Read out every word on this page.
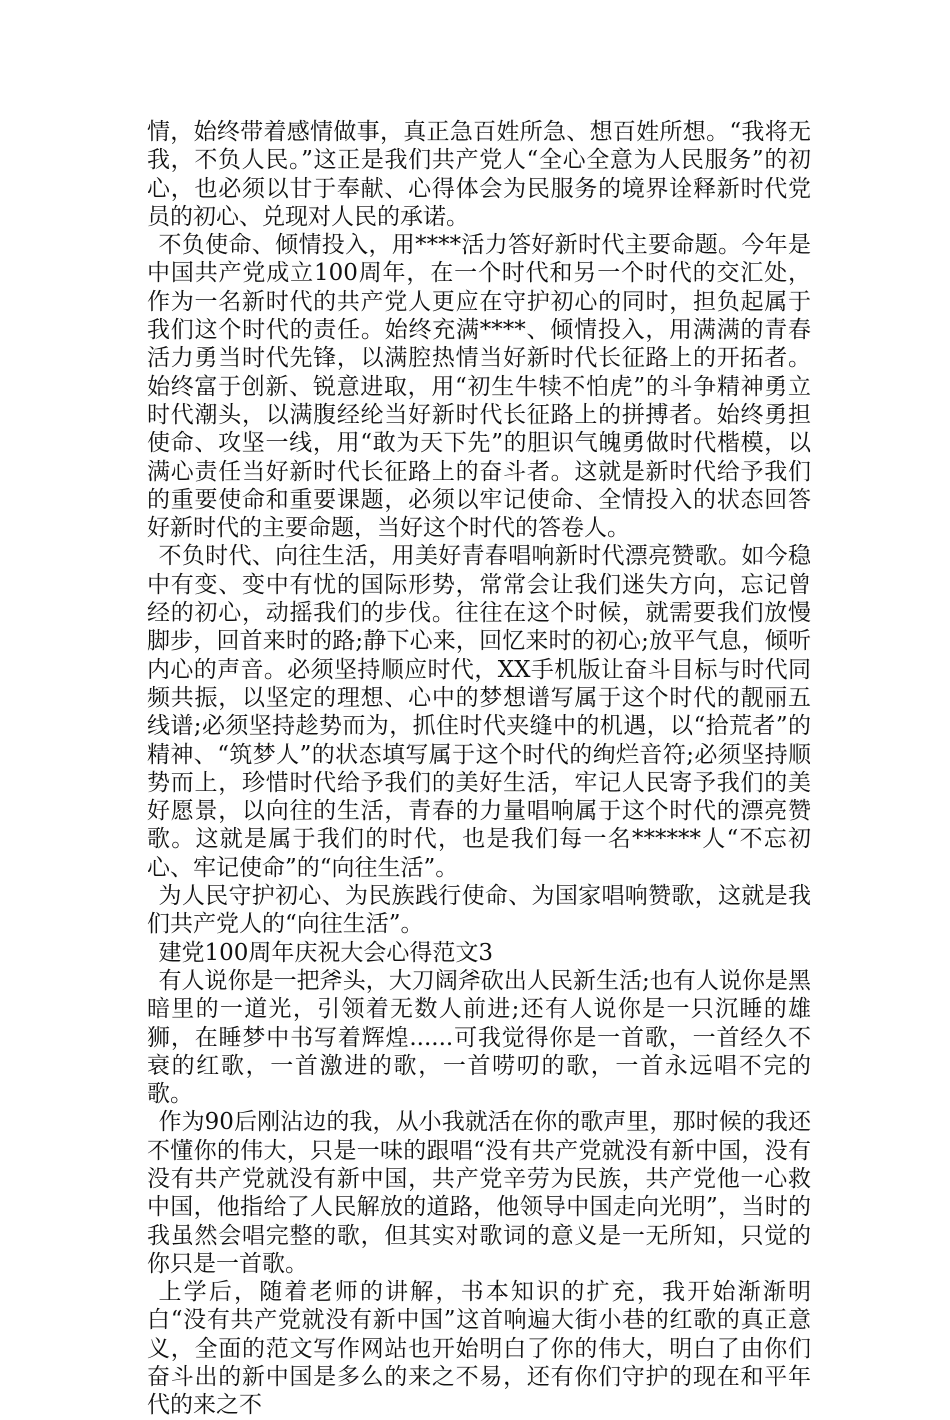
情，始终带着感情做事，真正急百姓所急、想百姓所想。“我将无我，不负人民。”这正是我们共产党人“全心全意为人民服务”的初心，也必须以甘于奉献、心得体会为民服务的境界诠释新时代党员的初心、兑现对人民的承诺。

不负使命、倾情投入，用****活力答好新时代主要命题。今年是中国共产党成立100周年，在一个时代和另一个时代的交汇处，作为一名新时代的共产党人更应在守护初心的同时，担负起属于我们这个时代的责任。始终充满****、倾情投入，用满满的青春活力勇当时代先锋，以满腔热情当好新时代长征路上的开拓者。始终富于创新、锐意进取，用“初生牛犊不怕虎”的斗争精神勇立时代潮头，以满腹经纶当好新时代长征路上的拼搏者。始终勇担使命、攻坚一线，用“敢为天下先”的胆识气魄勇做时代楷模，以满心责任当好新时代长征路上的奋斗者。这就是新时代给予我们的重要使命和重要课题，必须以牢记使命、全情投入的状态回答好新时代的主要命题，当好这个时代的答卷人。

不负时代、向往生活，用美好青春唱响新时代漂亮赞歌。如今稳中有变、变中有忧的国际形势，常常会让我们迷失方向，忘记曾经的初心，动摇我们的步伐。往往在这个时候，就需要我们放慢脚步，回首来时的路;静下心来，回忆来时的初心;放平气息，倾听内心的声音。必须坚持顺应时代，XX手机版让奋斗目标与时代同频共振，以坚定的理想、心中的梦想谱写属于这个时代的靓丽五线谱;必须坚持趁势而为，抓住时代夹缝中的机遇，以“拾荒者”的精神、“筑梦人”的状态填写属于这个时代的绚烂音符;必须坚持顺势而上，珍惜时代给予我们的美好生活，牢记人民寄予我们的美好愿景，以向往的生活，青春的力量唱响属于这个时代的漂亮赞歌。这就是属于我们的时代，也是我们每一名******人“不忘初心、牢记使命”的“向往生活”。

为人民守护初心、为民族践行使命、为国家唱响赞歌，这就是我们共产党人的“向往生活”。

建党100周年庆祝大会心得范文3

有人说你是一把斧头，大刀阔斧砍出人民新生活;也有人说你是黑暗里的一道光，引领着无数人前进;还有人说你是一只沉睡的雄狮，在睡梦中书写着辉煌......可我觉得你是一首歌，一首经久不衰的红歌，一首激进的歌，一首唠叨的歌，一首永远唱不完的歌。

作为90后刚沾边的我，从小我就活在你的歌声里，那时候的我还不懂你的伟大，只是一味的跟唱“没有共产党就没有新中国，没有没有共产党就没有新中国，共产党辛劳为民族，共产党他一心救中国，他指给了人民解放的道路，他领导中国走向光明”，当时的我虽然会唱完整的歌，但其实对歌词的意义是一无所知，只觉的你只是一首歌。

上学后，随着老师的讲解，书本知识的扩充，我开始渐渐明白“没有共产党就没有新中国”这首响遍大街小巷的红歌的真正意义，全面的范文写作网站也开始明白了你的伟大，明白了由你们奋斗出的新中国是多么的来之不易，还有你们守护的现在和平年代的来之不
